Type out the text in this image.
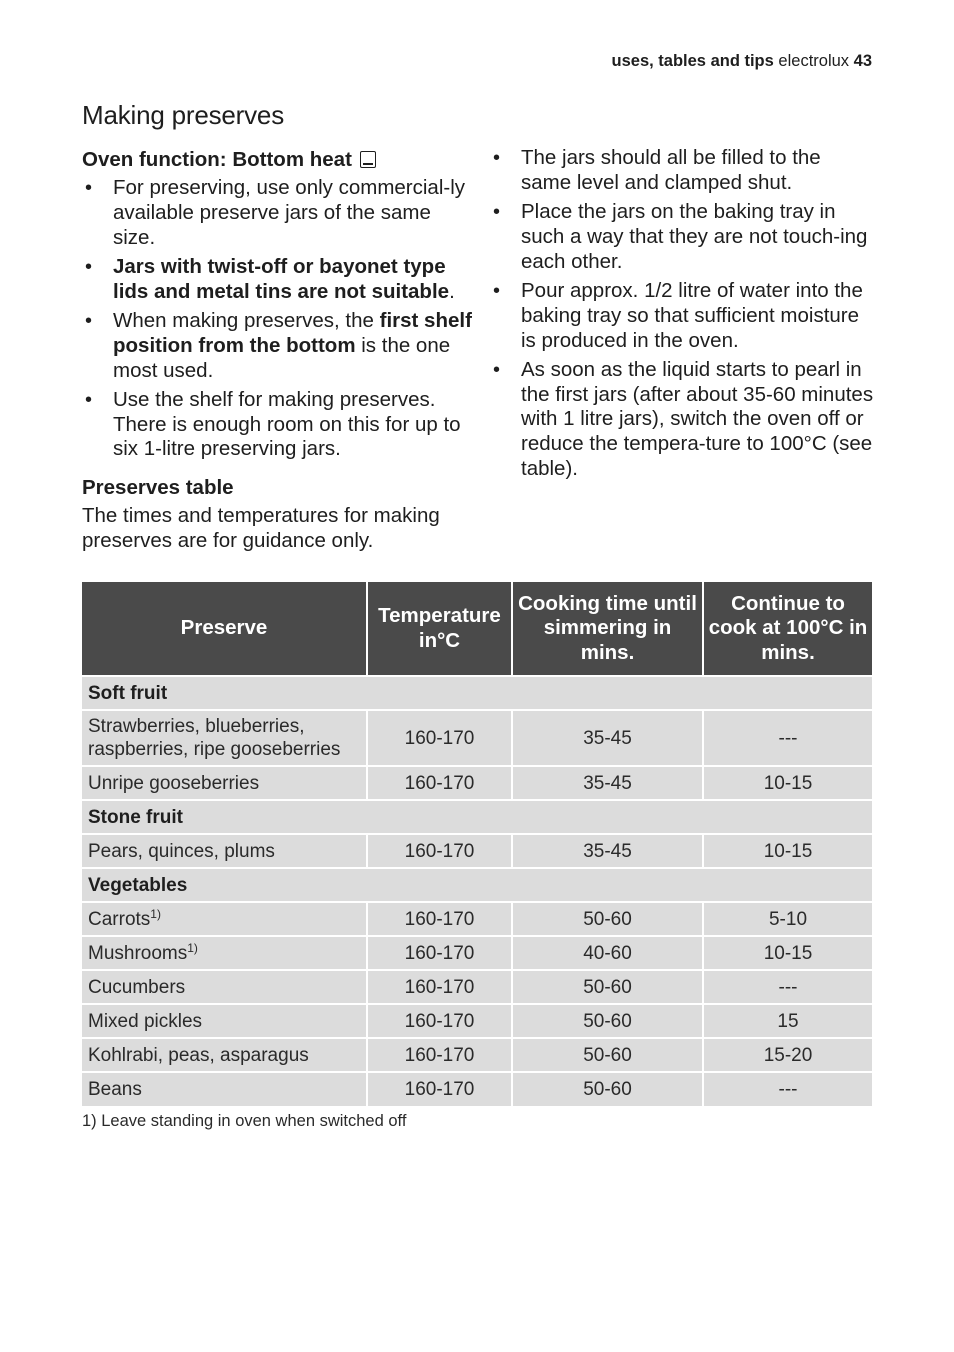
uses, tables and tips electrolux 43
Making preserves

Oven function: Bottom heat

• For preserving, use only commercial-ly available preserve jars of the same size.
• Jars with twist-off or bayonet type lids and metal tins are not suitable.
• When making preserves, the first shelf position from the bottom is the one most used.
• Use the shelf for making preserves. There is enough room on this for up to six 1-litre preserving jars.

Preserves table

The times and temperatures for making preserves are for guidance only.

• The jars should all be filled to the same level and clamped shut.
• Place the jars on the baking tray in such a way that they are not touch-ing each other.
• Pour approx. 1/2 litre of water into the baking tray so that sufficient moisture is produced in the oven.
• As soon as the liquid starts to pearl in the first jars (after about 35-60 minutes with 1 litre jars), switch the oven off or reduce the tempera-ture to 100°C (see table).
Preserve	Temperature in°C	Cooking time until simmering in mins.	Continue to cook at 100°C in mins.
Soft fruit			
Strawberries, blueberries, raspberries, ripe gooseberries	160-170	35-45	---
Unripe gooseberries	160-170	35-45	10-15
Stone fruit			
Pears, quinces, plums	160-170	35-45	10-15
Vegetables			
Carrots$^{1)}$	160-170	50-60	5-10
Mushrooms$^{1)}$	160-170	40-60	10-15
Cucumbers	160-170	50-60	---
Mixed pickles	160-170	50-60	15
Kohlrabi, peas, asparagus	160-170	50-60	15-20
Beans	160-170	50-60	---
1) Leave standing in oven when switched off
